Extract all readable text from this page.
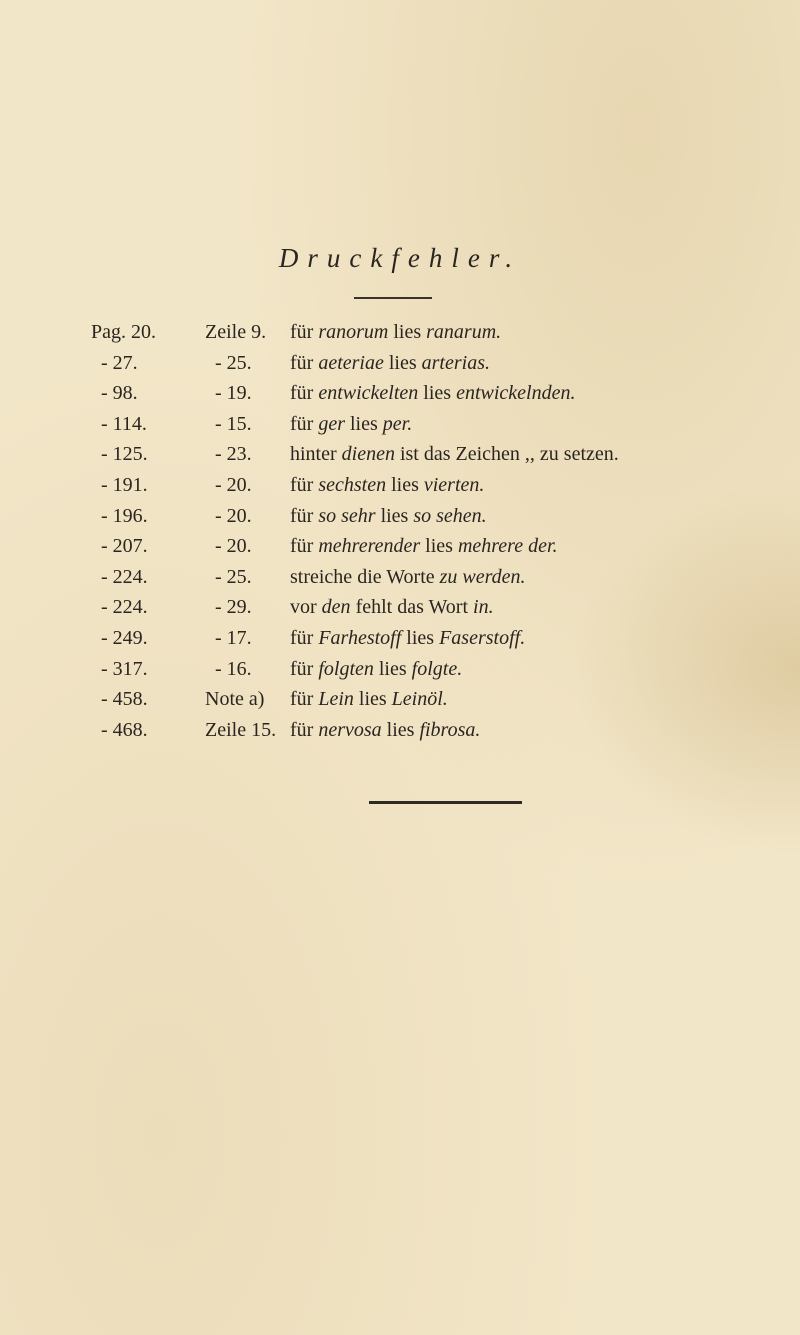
Druckfehler.
Pag. 20.	Zeile 9. für ranorum lies ranarum.
- 27.	- 25. für aeteriae lies arterias.
- 98.	- 19. für entwickelten lies entwickelnden.
- 114.	- 15. für ger lies per.
- 125.	- 23. hinter dienen ist das Zeichen ,, zu setzen.
- 191.	- 20. für sechsten lies vierten.
- 196.	- 20. für so sehr lies so sehen.
- 207.	- 20. für mehrerender lies mehrere der.
- 224.	- 25. streiche die Worte zu werden.
- 224.	- 29. vor den fehlt das Wort in.
- 249.	- 17. für Farhestoff lies Faserstoff.
- 317.	- 16. für folgten lies folgte.
- 458.	Note a) für Lein lies Leinöl.
- 468.	Zeile 15. für nervosa lies fibrosa.
